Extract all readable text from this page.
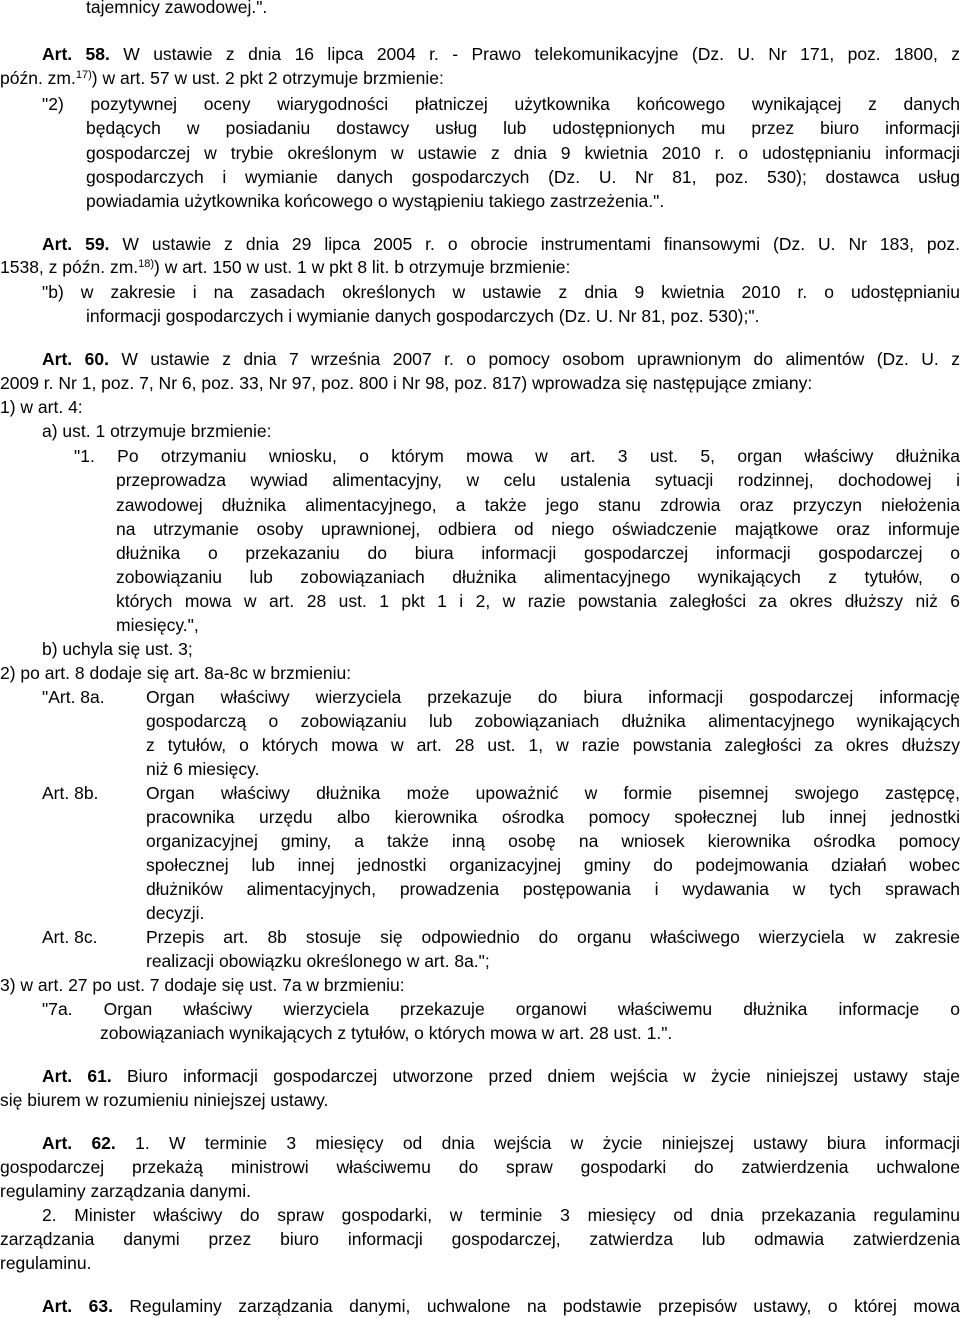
tajemnicy zawodowej.".
Art. 58. W ustawie z dnia 16 lipca 2004 r. - Prawo telekomunikacyjne (Dz. U. Nr 171, poz. 1800, z
późn. zm.$^{17)}$) w art. 57 w ust. 2 pkt 2 otrzymuje brzmienie:
"2) pozytywnej oceny wiarygodności płatniczej użytkownika końcowego wynikającej z danych
będących w posiadaniu dostawcy usług lub udostępnionych mu przez biuro informacji
gospodarczej w trybie określonym w ustawie z dnia 9 kwietnia 2010 r. o udostępnianiu informacji
gospodarczych i wymianie danych gospodarczych (Dz. U. Nr 81, poz. 530); dostawca usług
powiadamia użytkownika końcowego o wystąpieniu takiego zastrzeżenia.".
Art. 59. W ustawie z dnia 29 lipca 2005 r. o obrocie instrumentami finansowymi (Dz. U. Nr 183, poz.
1538, z późn. zm.$^{18)}$) w art. 150 w ust. 1 w pkt 8 lit. b otrzymuje brzmienie:
"b) w zakresie i na zasadach określonych w ustawie z dnia 9 kwietnia 2010 r. o udostępnianiu
informacji gospodarczych i wymianie danych gospodarczych (Dz. U. Nr 81, poz. 530);".
Art. 60. W ustawie z dnia 7 września 2007 r. o pomocy osobom uprawnionym do alimentów (Dz. U. z
2009 r. Nr 1, poz. 7, Nr 6, poz. 33, Nr 97, poz. 800 i Nr 98, poz. 817) wprowadza się następujące zmiany:
1) w art. 4:
a) ust. 1 otrzymuje brzmienie:
"1. Po otrzymaniu wniosku, o którym mowa w art. 3 ust. 5, organ właściwy dłużnika
przeprowadza wywiad alimentacyjny, w celu ustalenia sytuacji rodzinnej, dochodowej i
zawodowej dłużnika alimentacyjnego, a także jego stanu zdrowia oraz przyczyn niełożenia
na utrzymanie osoby uprawnionej, odbiera od niego oświadczenie majątkowe oraz informuje
dłużnika o przekazaniu do biura informacji gospodarczej informacji gospodarczej o
zobowiązaniu lub zobowiązaniach dłużnika alimentacyjnego wynikających z tytułów, o
których mowa w art. 28 ust. 1 pkt 1 i 2, w razie powstania zaległości za okres dłuższy niż 6
miesięcy.",
b) uchyla się ust. 3;
2) po art. 8 dodaje się art. 8a-8c w brzmieniu:
"Art. 8a. Organ właściwy wierzyciela przekazuje do biura informacji gospodarczej informację
gospodarczą o zobowiązaniu lub zobowiązaniach dłużnika alimentacyjnego wynikających
z tytułów, o których mowa w art. 28 ust. 1, w razie powstania zaległości za okres dłuższy
niż 6 miesięcy.
Art. 8b.	Organ właściwy dłużnika może upoważnić w formie pisemnej swojego zastępcę,
pracownika urzędu albo kierownika ośrodka pomocy społecznej lub innej jednostki
organizacyjnej gminy, a także inną osobę na wniosek kierownika ośrodka pomocy
społecznej lub innej jednostki organizacyjnej gminy do podejmowania działań wobec
dłużników alimentacyjnych, prowadzenia postępowania i wydawania w tych sprawach
decyzji.
Art. 8c.	Przepis art. 8b stosuje się odpowiednio do organu właściwego wierzyciela w zakresie
realizacji obowiązku określonego w art. 8a.";
3) w art. 27 po ust. 7 dodaje się ust. 7a w brzmieniu:
"7a. Organ właściwy wierzyciela przekazuje organowi właściwemu dłużnika informacje o
zobowiązaniach wynikających z tytułów, o których mowa w art. 28 ust. 1.".
Art. 61. Biuro informacji gospodarczej utworzone przed dniem wejścia w życie niniejszej ustawy staje
się biurem w rozumieniu niniejszej ustawy.
Art. 62. 1. W terminie 3 miesięcy od dnia wejścia w życie niniejszej ustawy biura informacji
gospodarczej przekażą ministrowi właściwemu do spraw gospodarki do zatwierdzenia uchwalone
regulaminy zarządzania danymi.
2. Minister właściwy do spraw gospodarki, w terminie 3 miesięcy od dnia przekazania regulaminu
zarządzania danymi przez biuro informacji gospodarczej, zatwierdza lub odmawia zatwierdzenia
regulaminu.
Art. 63. Regulaminy zarządzania danymi, uchwalone na podstawie przepisów ustawy, o której mowa
